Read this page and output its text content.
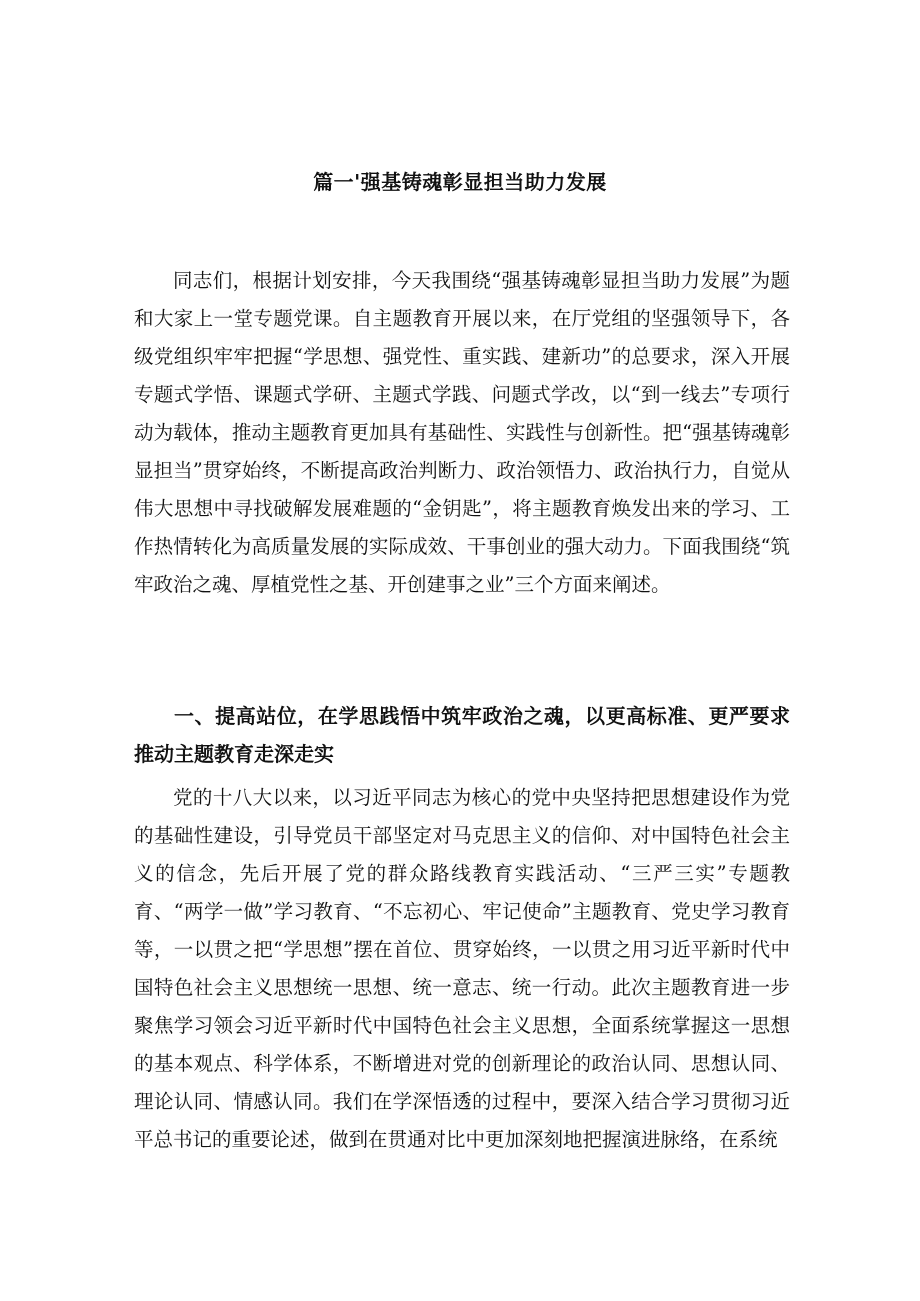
篇一'强基铸魂彰显担当助力发展

同志们，根据计划安排，今天我围绕“强基铸魂彰显担当助力发展”为题和大家上一堂专题党课。自主题教育开展以来，在厅党组的坚强领导下，各级党组织牢牢把握“学思想、强党性、重实践、建新功”的总要求，深入开展专题式学悟、课题式学研、主题式学践、问题式学改，以“到一线去”专项行动为载体，推动主题教育更加具有基础性、实践性与创新性。把“强基铸魂彰显担当”贯穿始终，不断提高政治判断力、政治领悟力、政治执行力，自觉从伟大思想中寻找破解发展难题的“金钥匙”，将主题教育焕发出来的学习、工作热情转化为高质量发展的实际成效、干事创业的强大动力。下面我围绕“筑牢政治之魂、厚植党性之基、开创建事之业”三个方面来阐述。

一、提高站位，在学思践悟中筑牢政治之魂，以更高标准、更严要求推动主题教育走深走实

党的十八大以来，以习近平同志为核心的党中央坚持把思想建设作为党的基础性建设，引导党员干部坚定对马克思主义的信仰、对中国特色社会主义的信念，先后开展了党的群众路线教育实践活动、“三严三实”专题教育、“两学一做”学习教育、“不忘初心、牢记使命”主题教育、党史学习教育等，一以贯之把“学思想”摆在首位、贯穿始终，一以贯之用习近平新时代中国特色社会主义思想统一思想、统一意志、统一行动。此次主题教育进一步聚焦学习领会习近平新时代中国特色社会主义思想，全面系统掌握这一思想的基本观点、科学体系，不断增进对党的创新理论的政治认同、思想认同、理论认同、情感认同。我们在学深悟透的过程中，要深入结合学习贯彻习近平总书记的重要论述，做到在贯通对比中更加深刻地把握演进脉络，在系统
